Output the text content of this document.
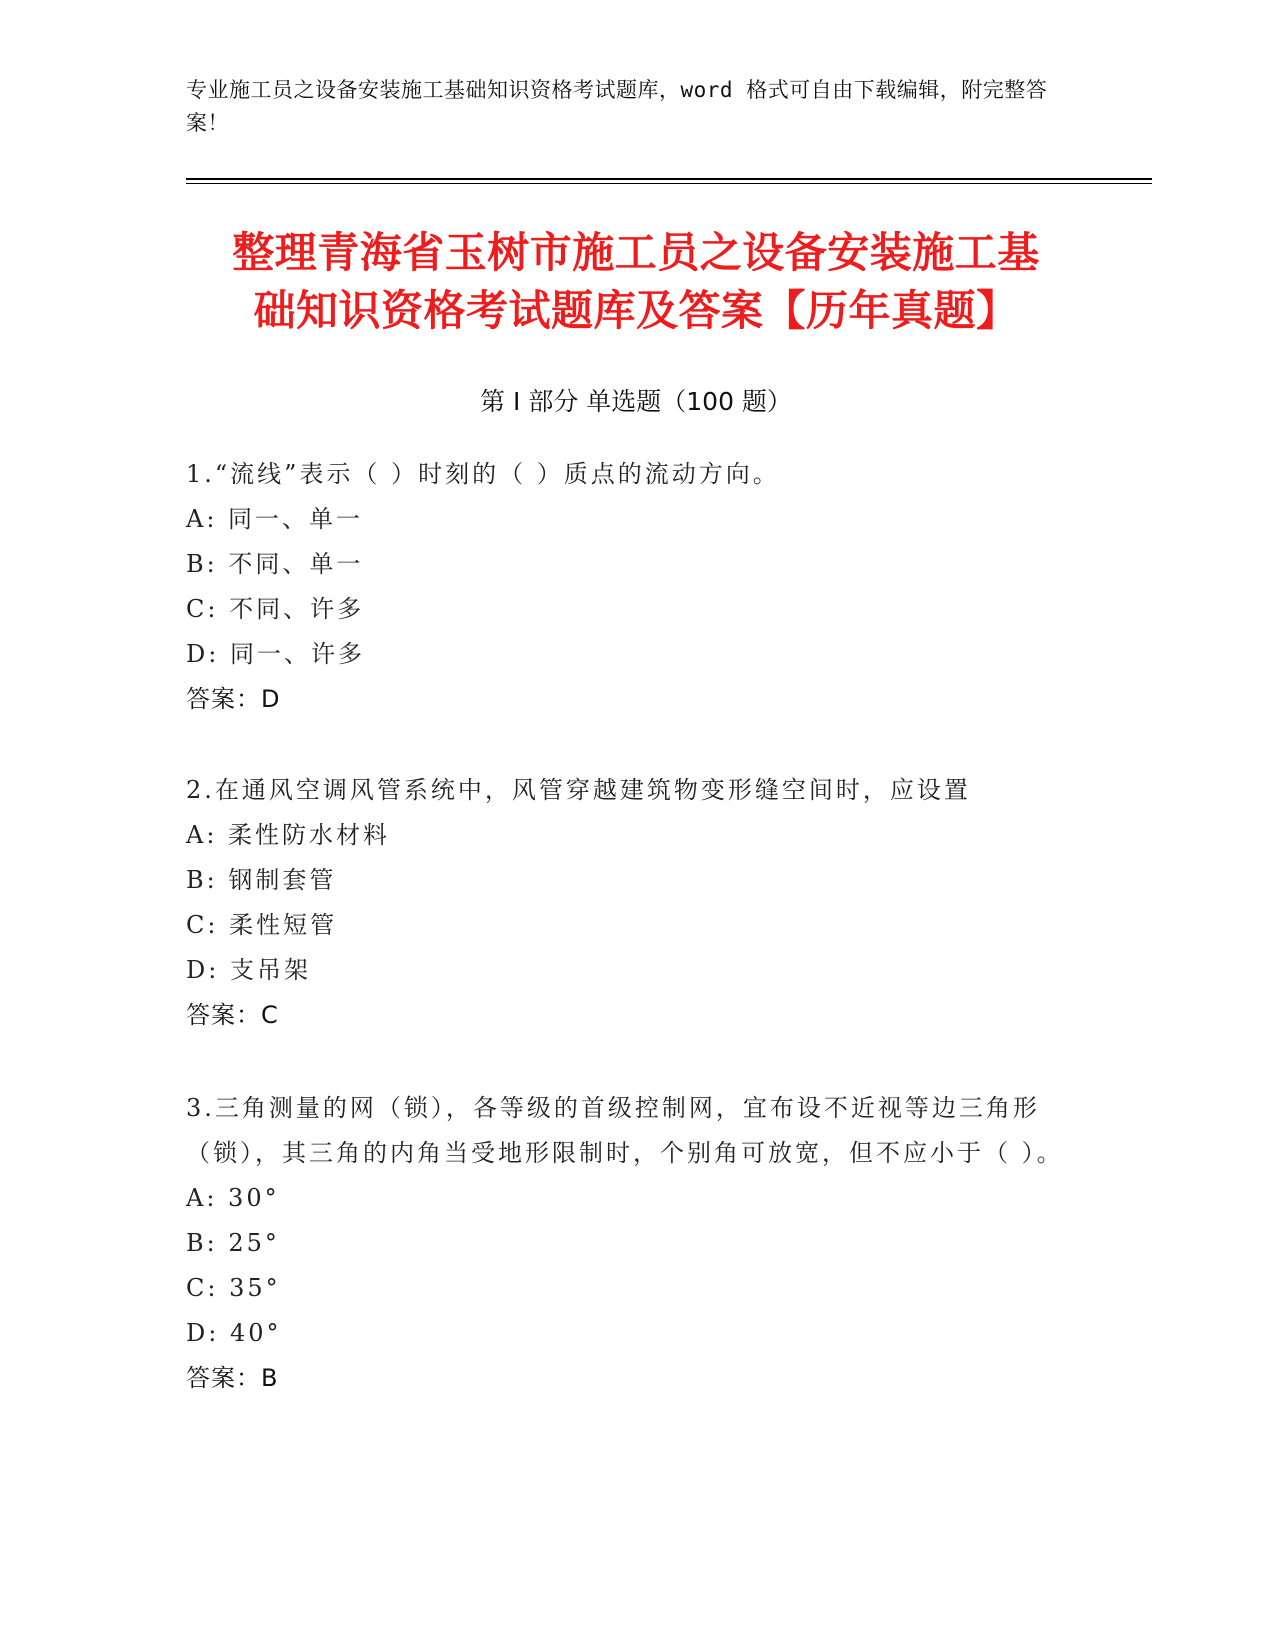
专业施工员之设备安装施工基础知识资格考试题库，word 格式可自由下载编辑，附完整答案！
整理青海省玉树市施工员之设备安装施工基
础知识资格考试题库及答案【历年真题】
第 I 部分 单选题（100 题）
1.“流线”表示（ ）时刻的（ ）质点的流动方向。
A: 同一、单一
B: 不同、单一
C: 不同、许多
D: 同一、许多
答案：D
2.在通风空调风管系统中，风管穿越建筑物变形缝空间时，应设置
A: 柔性防水材料
B: 钢制套管
C: 柔性短管
D: 支吊架
答案：C
3.三角测量的网（锁），各等级的首级控制网，宜布设不近视等边三角形（锁），其三角的内角当受地形限制时，个别角可放宽，但不应小于（ ）。
A: 30°
B: 25°
C: 35°
D: 40°
答案：B
